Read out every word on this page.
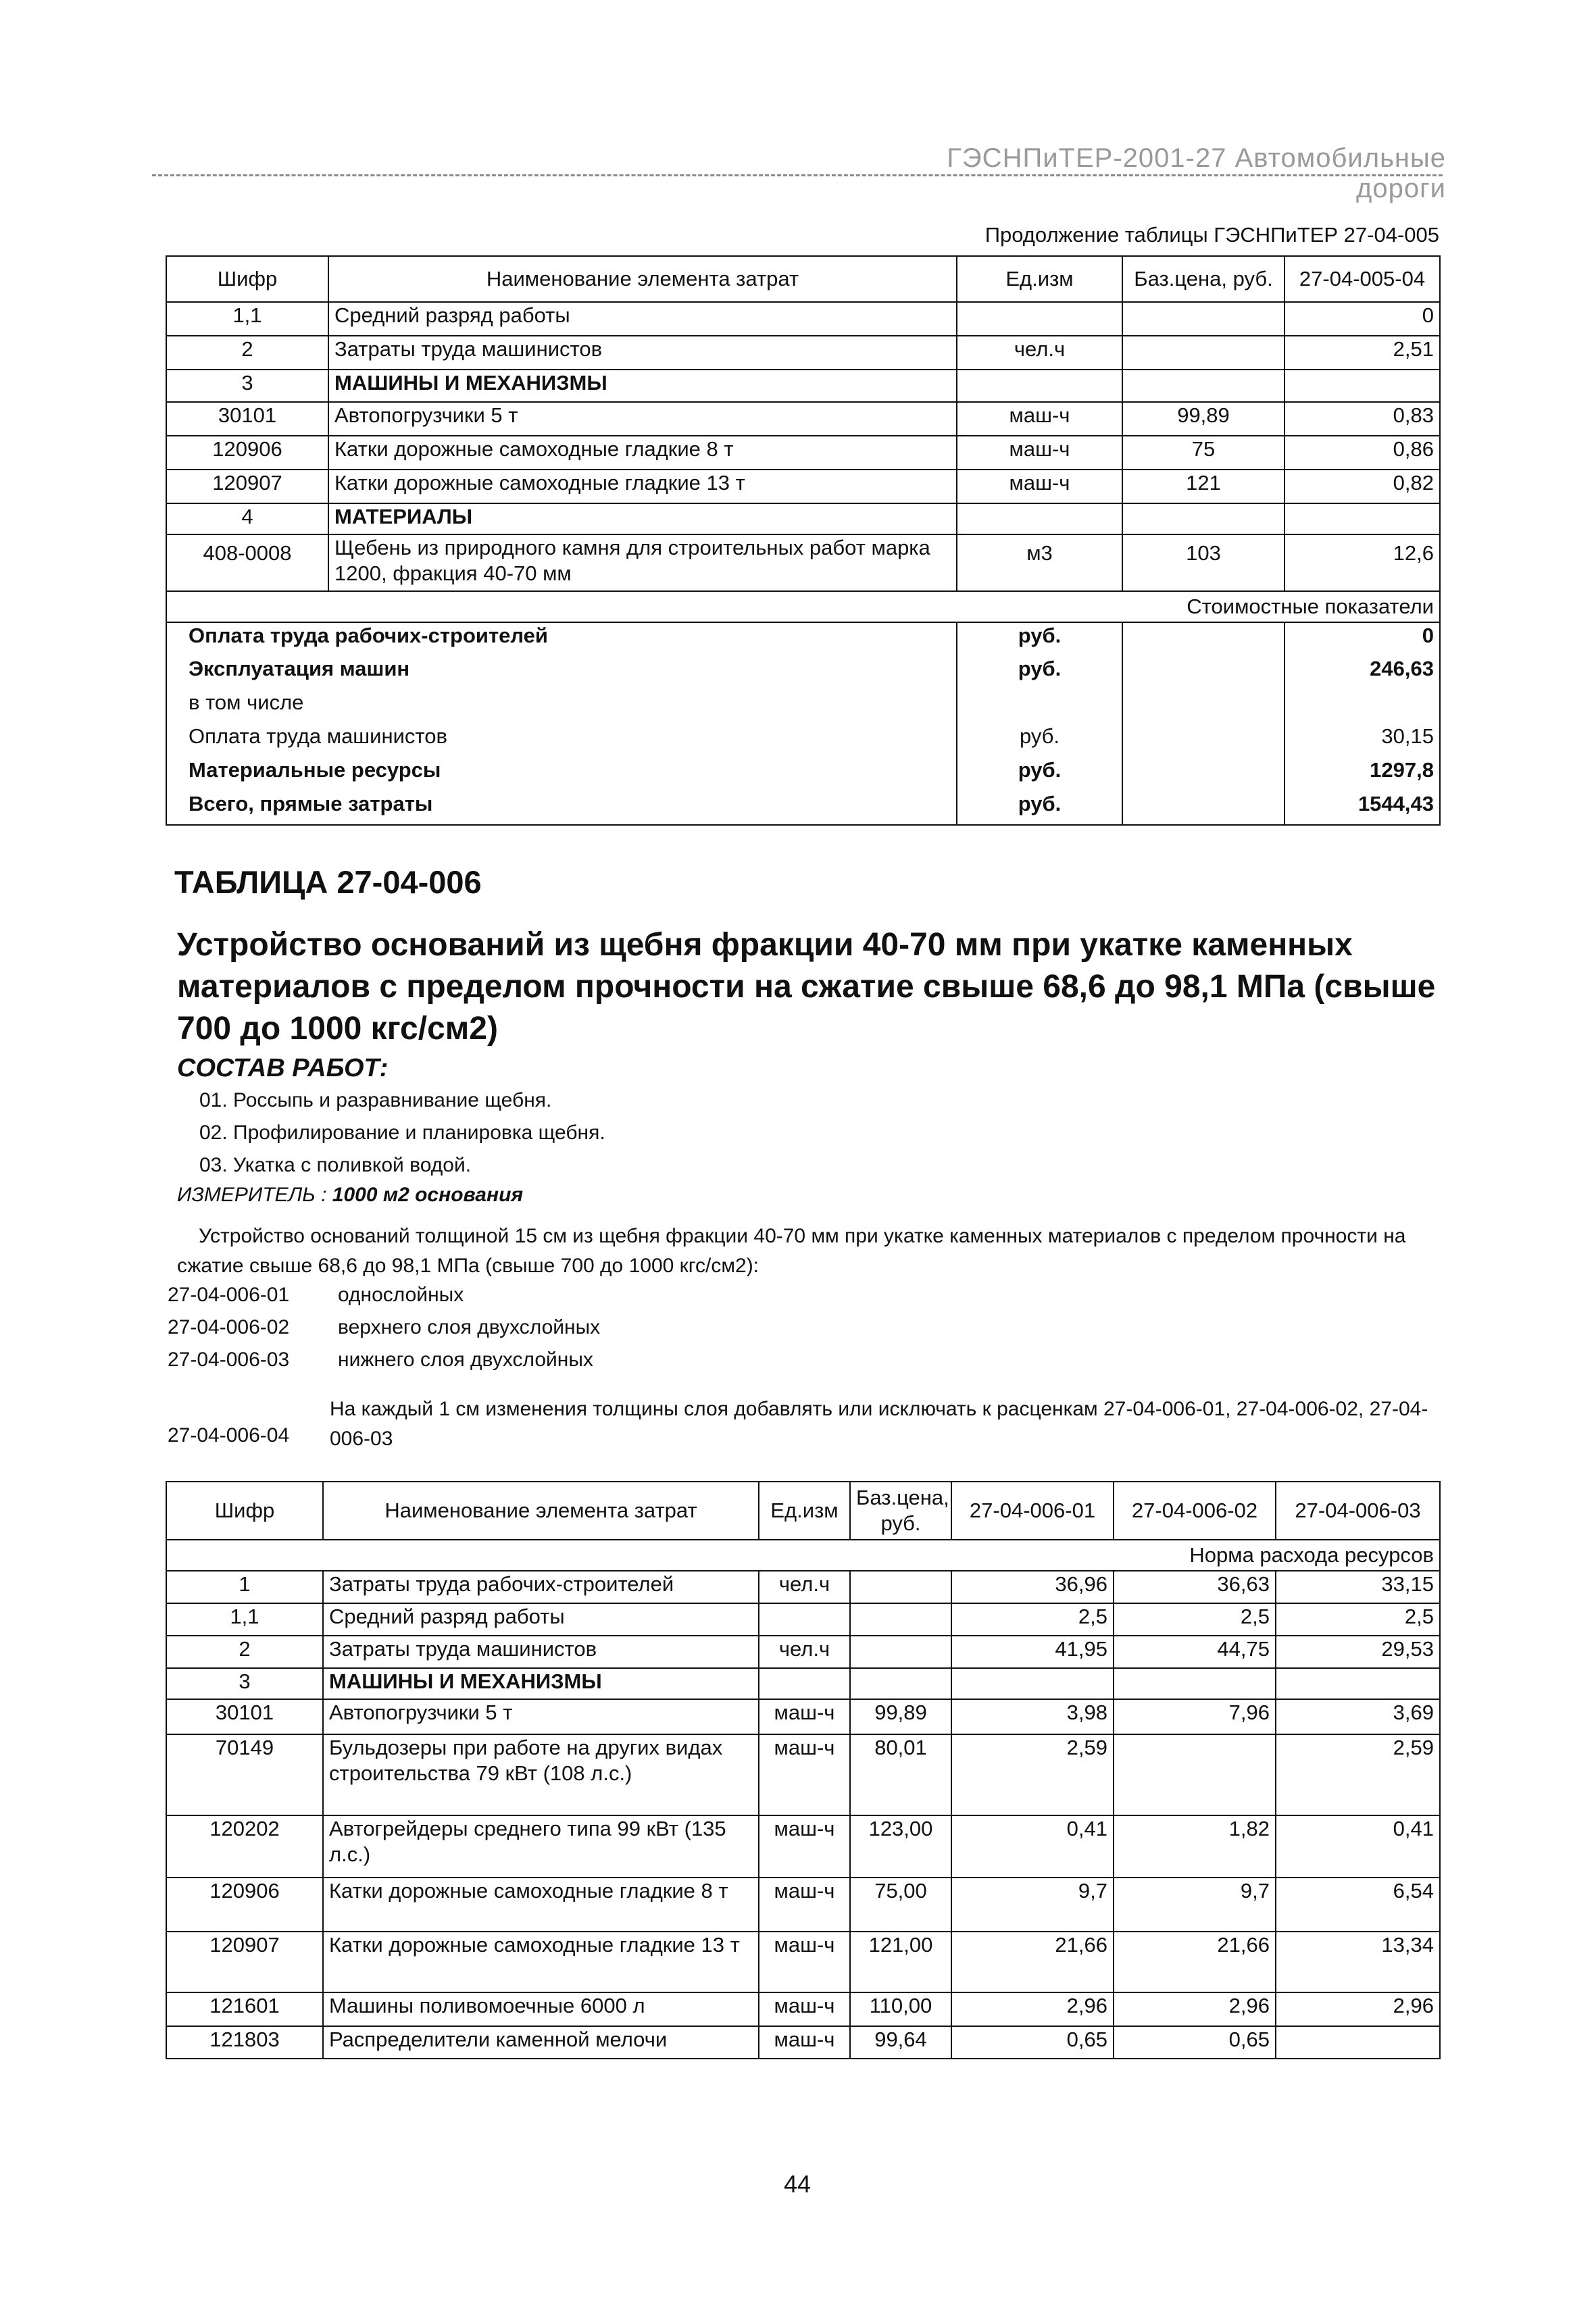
ГЭСНПиТЕР-2001-27 Автомобильные дороги
Продолжение таблицы ГЭСНПиТЕР 27-04-005
Шифр	Наименование элемента затрат	Ед.изм	Баз.цена, руб.	27-04-005-04
1,1	Средний разряд работы			0
2	Затраты труда машинистов	чел.ч		2,51
3	МАШИНЫ И МЕХАНИЗМЫ			
30101	Автопогрузчики 5 т	маш-ч	99,89	0,83
120906	Катки дорожные самоходные гладкие 8 т	маш-ч	75	0,86
120907	Катки дорожные самоходные гладкие 13 т	маш-ч	121	0,82
4	МАТЕРИАЛЫ			
408-0008	Щебень из природного камня для строительных работ марка 1200, фракция 40-70 мм	м3	103	12,6
Стоимостные показатели				
Оплата труда рабочих-строителей		руб.		0
Эксплуатация машин		руб.		246,63
в том числе				
Оплата труда машинистов		руб.		30,15
Материальные ресурсы		руб.		1297,8
Всего, прямые затраты		руб.		1544,43
ТАБЛИЦА 27-04-006
Устройство оснований из щебня фракции 40-70 мм при укатке каменных материалов с пределом прочности на сжатие свыше 68,6 до 98,1 МПа (свыше 700 до 1000 кгс/см2)
СОСТАВ РАБОТ:
01. Россыпь и разравнивание щебня.
02. Профилирование и планировка щебня.
03. Укатка с поливкой водой.
ИЗМЕРИТЕЛЬ : 1000 м2 основания
Устройство оснований толщиной 15 см из щебня фракции 40-70 мм при укатке каменных материалов с пределом прочности на сжатие свыше 68,6 до 98,1 МПа (свыше 700 до 1000 кгс/см2):
27-04-006-01 однослойных
27-04-006-02 верхнего слоя двухслойных
27-04-006-03 нижнего слоя двухслойных
На каждый 1 см изменения толщины слоя добавлять или исключать к расценкам 27-04-006-01, 27-04-006-02, 27-04-006-03
27-04-006-04
Шифр	Наименование элемента затрат	Ед.изм	Баз.цена, руб.	27-04-006-01	27-04-006-02	27-04-006-03
Норма расхода ресурсов						
1	Затраты труда рабочих-строителей	чел.ч		36,96	36,63	33,15
1,1	Средний разряд работы			2,5	2,5	2,5
2	Затраты труда машинистов	чел.ч		41,95	44,75	29,53
3	МАШИНЫ И МЕХАНИЗМЫ					
30101	Автопогрузчики 5 т	маш-ч	99,89	3,98	7,96	3,69
70149	Бульдозеры при работе на других видах строительства 79 кВт (108 л.с.)	маш-ч	80,01	2,59		2,59
120202	Автогрейдеры среднего типа 99 кВт (135 л.с.)	маш-ч	123,00	0,41	1,82	0,41
120906	Катки дорожные самоходные гладкие 8 т	маш-ч	75,00	9,7	9,7	6,54
120907	Катки дорожные самоходные гладкие 13 т	маш-ч	121,00	21,66	21,66	13,34
121601	Машины поливомоечные 6000 л	маш-ч	110,00	2,96	2,96	2,96
121803	Распределители каменной мелочи	маш-ч	99,64	0,65	0,65	
44
